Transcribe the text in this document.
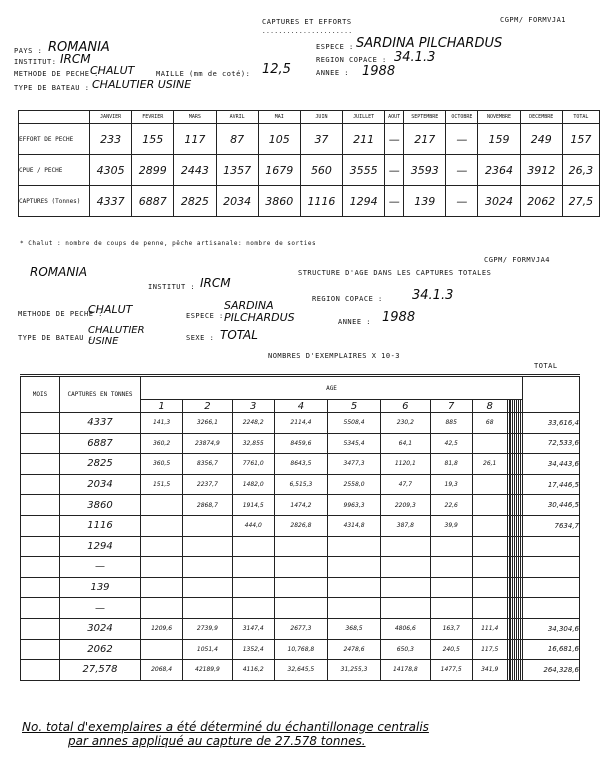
CAPTURES ET EFFORTS
......................
CGPM/ FORMVJA1
PAYS : ROMANIA
INSTITUT: IRCM
METHODE DE PECHE :
CHALUT	MAILLE (mm de coté): 12,5
TYPE DE BATEAU : CHALUTIER USINE
ESPECE : SARDINA PILCHARDUS
REGION COPACE : 34.1.3
ANNEE : 1988
	JANVIER	FEVRIER	MARS	AVRIL	MAI	JUIN	JUILLET	AOUT	SEPTEMBRE	OCTOBRE	NOVEMBRE	DECEMBRE	TOTAL
EFFORT DE PECHE	233	155	117	87	105	37	211	—	217	—	159	249	157
CPUE / PECHE	4305	2899	2443	1357	1679	560	3555	—	3593	—	2364	3912	26,3
CAPTURES (Tonnes)	4337	6887	2825	2034	3860	1116	1294	—	139	—	3024	2062	27,5
* Chalut : nombre de coups de penne, pêche artisanale: nombre de sorties
CGPM/ FORMVJA4
STRUCTURE D'AGE DANS LES CAPTURES TOTALES
ROMANIA
INSTITUT : IRCM
REGION COPACE : 34.1.3
METHODE DE PECHE :
CHALUT	ESPECE :
SARDINA PILCHARDUS	ANNEE : 1988
TYPE DE BATEAU :
CHALUTIER USINE	SEXE : TOTAL
NOMBRES D'EXEMPLAIRES X 10-3
TOTAL
MOIS	CAPTURES EN TONNES	AGE															
		1	2	3	4	5	6	7	8								
	4337	141,3	3266,1	2248,2	2114,4	5508,4	230,2	885	68									33,616,4
	6887	360,2	23874,9	32,855	8459,6	5345,4	64,1	42,5										72,533,6
	2825	360,5	8356,7	7761,0	8643,5	3477,3	1120,1	81,8	26,1									34,443,6
	2034	151,5	2237,7	1482,0	6,515,3	2558,0	47,7	19,3										17,446,5
	3860		2868,7	1914,5	1474,2	9963,3	2209,3	22,6										30,446,5
	1116			444,0	2826,8	4314,8	387,8	39,9										7634,7
	1294																	
	—																	
	139																	
	—																	
	3024	1209,6	2739,9	3147,4	2677,3	368,5	4806,6	163,7	111,4									34,304,6
	2062		1051,4	1352,4	10,768,8	2478,6	650,3	240,5	117,5									16,681,6
	27,578	2068,4	42189,9	4116,2	32,645,5	31,255,3	14178,8	1477,5	341,9									264,328,6
No. total d'exemplaires a été déterminé du échantillonage centralis
par annes appliqué au capture de 27.578 tonnes.
